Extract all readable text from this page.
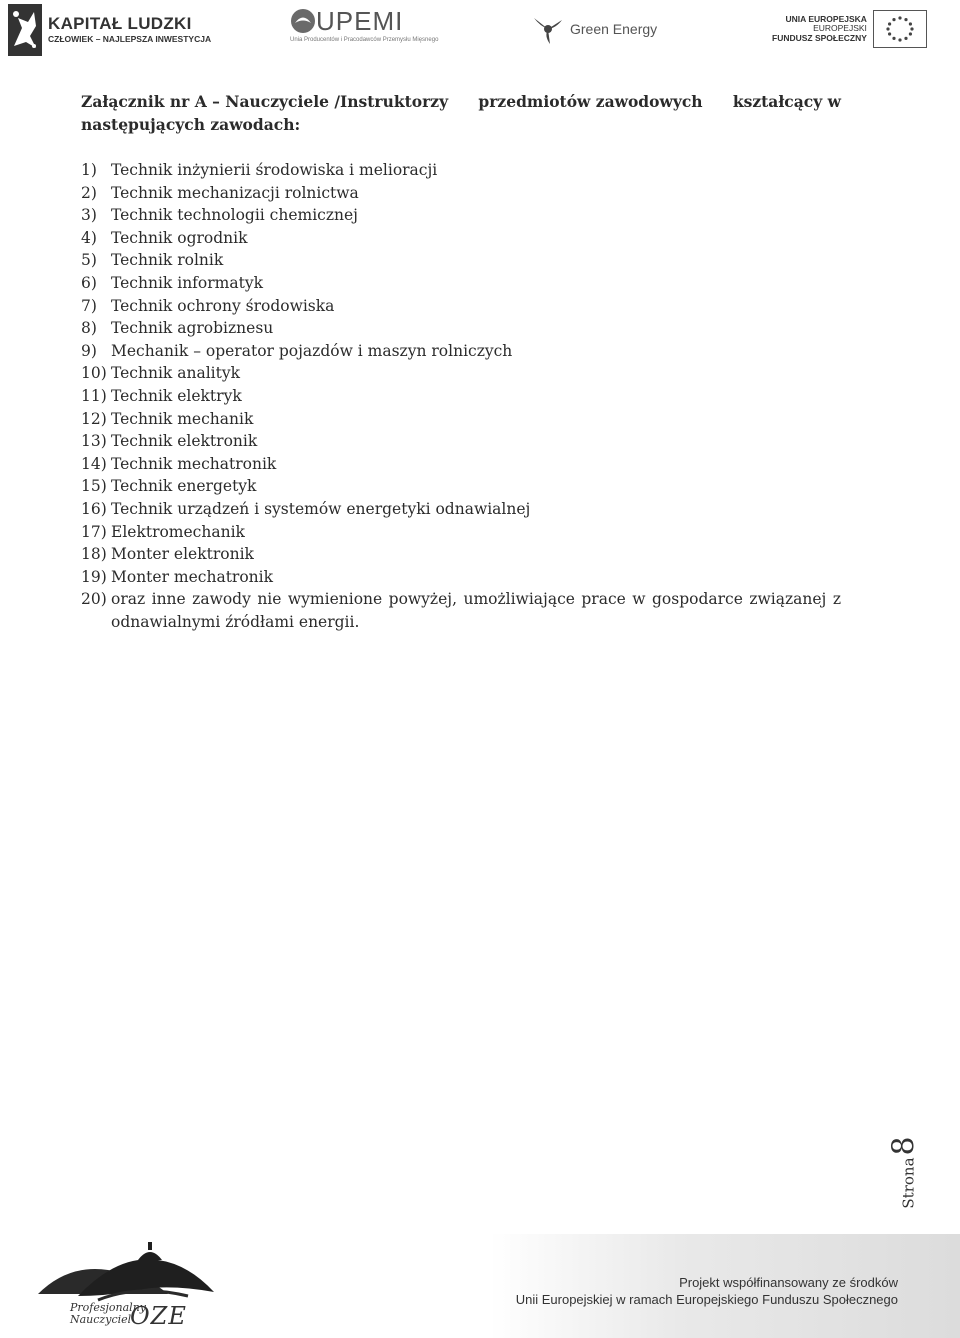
KAPITAŁ LUDZKI
CZŁOWIEK – NAJLEPSZA INWESTYCJA
UPEMI
Unia Producentów i Pracodawców Przemysłu Mięsnego
Green Energy
UNIA EUROPEJSKA
EUROPEJSKI
FUNDUSZ SPOŁECZNY
Załącznik nr A – Nauczyciele /Instruktorzy przedmiotów zawodowych kształcący w
następujących zawodach:
1) Technik inżynierii środowiska i melioracji
2) Technik mechanizacji rolnictwa
3) Technik technologii chemicznej
4) Technik ogrodnik
5) Technik rolnik
6) Technik informatyk
7) Technik ochrony środowiska
8) Technik agrobiznesu
9) Mechanik – operator pojazdów i maszyn rolniczych
10) Technik analityk
11) Technik elektryk
12) Technik mechanik
13) Technik elektronik
14) Technik mechatronik
15) Technik energetyk
16) Technik urządzeń i systemów energetyki odnawialnej
17) Elektromechanik
18) Monter elektronik
19) Monter mechatronik
20) oraz inne zawody nie wymienione powyżej, umożliwiające prace w gospodarce związanej z odnawialnymi źródłami energii.
Strona
8
Profesjonalny Nauczyciel
OZE
Projekt współfinansowany ze środków
Unii Europejskiej w ramach Europejskiego Funduszu Społecznego
